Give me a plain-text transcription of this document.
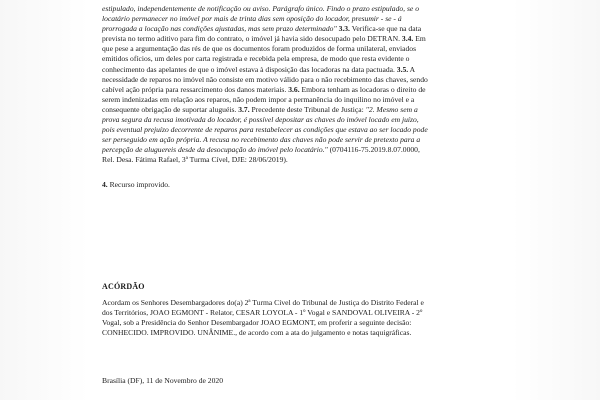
estipulado, independentemente de notificação ou aviso. Parágrafo único. Findo o prazo estipulado, se o
locatário permanecer no imóvel por mais de trinta dias sem oposição do locador, presumir - se - á
prorrogada a locação nas condições ajustadas, mas sem prazo determinado" 3.3. Verifica-se que na data
prevista no termo aditivo para fim do contrato, o imóvel já havia sido desocupado pelo DETRAN. 3.4. Em
que pese a argumentação das rés de que os documentos foram produzidos de forma unilateral, enviados
emitidos ofícios, um deles por carta registrada e recebida pela empresa, de modo que resta evidente o
conhecimento das apelantes de que o imóvel estava à disposição das locadoras na data pactuada. 3.5. A
necessidade de reparos no imóvel não consiste em motivo válido para o não recebimento das chaves, sendo
cabível ação própria para ressarcimento dos danos materiais. 3.6. Embora tenham as locadoras o direito de
serem indenizadas em relação aos reparos, não podem impor a permanência do inquilino no imóvel e a
consequente obrigação de suportar aluguéis. 3.7. Precedente deste Tribunal de Justiça: "2. Mesmo sem a
prova segura da recusa imotivada do locador, é possível depositar as chaves do imóvel locado em juízo,
pois eventual prejuízo decorrente de reparos para restabelecer as condições que estava ao ser locado pode
ser perseguido em ação própria. A recusa no recebimento das chaves não pode servir de pretexto para a
percepção de aluguereis desde da desocupação do imóvel pelo locatário." (0704116-75.2019.8.07.0000,
Rel. Desa. Fátima Rafael, 3ª Turma Cível, DJE: 28/06/2019).

4. Recurso improvido.

ACÓRDÃO

Acordam os Senhores Desembargadores do(a) 2ª Turma Cível do Tribunal de Justiça do Distrito Federal e
dos Territórios, JOAO EGMONT - Relator, CESAR LOYOLA - 1º Vogal e SANDOVAL OLIVEIRA - 2º
Vogal, sob a Presidência do Senhor Desembargador JOAO EGMONT, em proferir a seguinte decisão:
CONHECIDO. IMPROVIDO. UNÂNIME., de acordo com a ata do julgamento e notas taquigráficas.

Brasília (DF), 11 de Novembro de 2020
